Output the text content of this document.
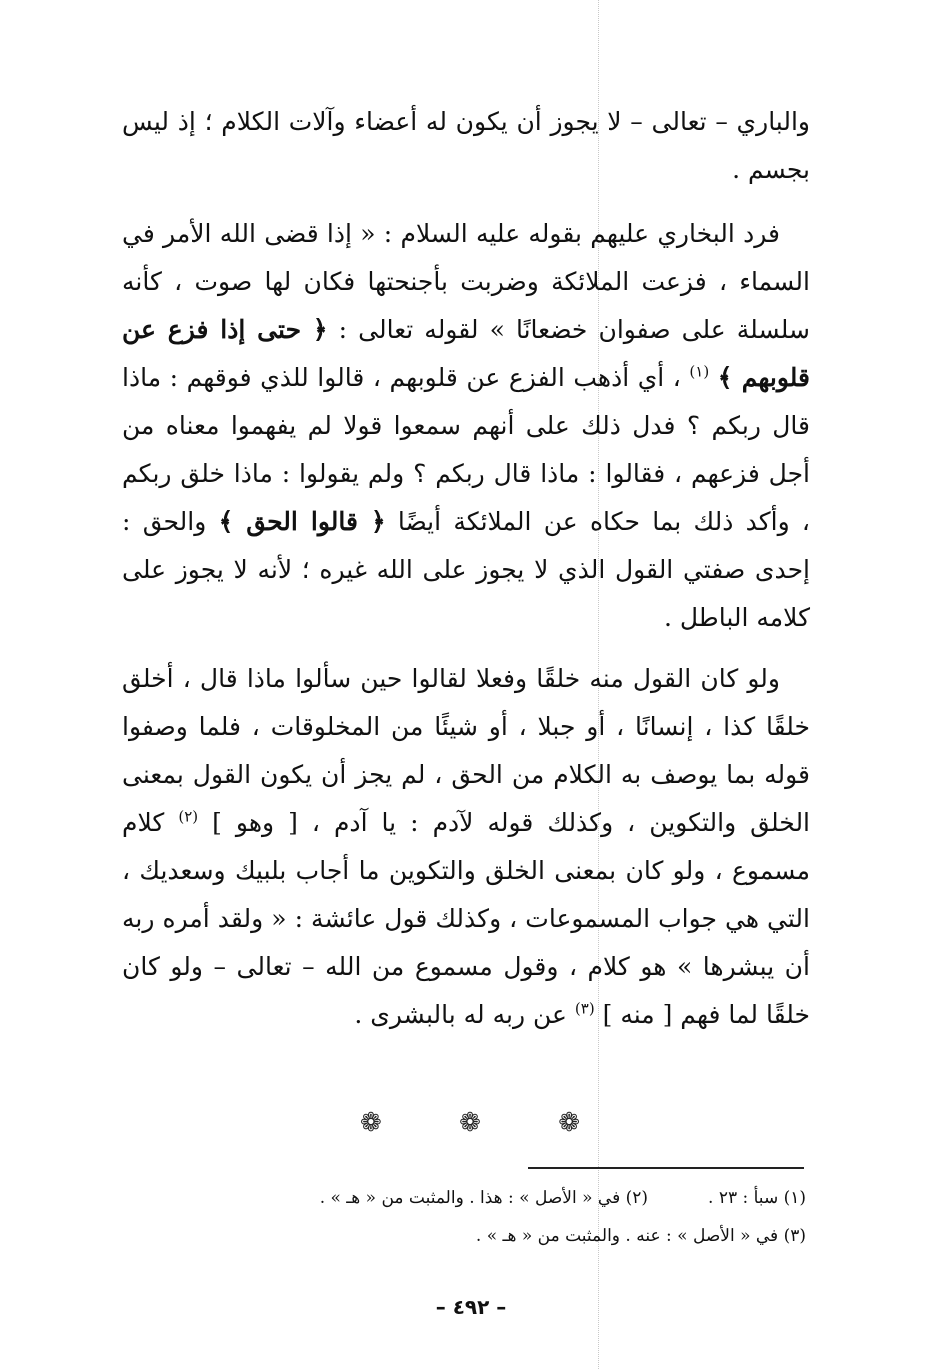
والباري – تعالى – لا يجوز أن يكون له أعضاء وآلات الكلام ؛ إذ ليس بجسم .

فرد البخاري عليهم بقوله عليه السلام : « إذا قضى الله الأمر في السماء ، فزعت الملائكة وضربت بأجنحتها فكان لها صوت ، كأنه سلسلة على صفوان خضعانًا » لقوله تعالى : ﴿ حتى إذا فزع عن قلوبهم ﴾ $^{(١)}$ ، أي أذهب الفزع عن قلوبهم ، قالوا للذي فوقهم : ماذا قال ربكم ؟ فدل ذلك على أنهم سمعوا قولا لم يفهموا معناه من أجل فزعهم ، فقالوا : ماذا قال ربكم ؟ ولم يقولوا : ماذا خلق ربكم ، وأكد ذلك بما حكاه عن الملائكة أيضًا ﴿ قالوا الحق ﴾ والحق : إحدى صفتي القول الذي لا يجوز على الله غيره ؛ لأنه لا يجوز على كلامه الباطل .

ولو كان القول منه خلقًا وفعلا لقالوا حين سألوا ماذا قال ، أخلق خلقًا كذا ، إنسانًا ، أو جبلا ، أو شيئًا من المخلوقات ، فلما وصفوا قوله بما يوصف به الكلام من الحق ، لم يجز أن يكون القول بمعنى الخلق والتكوين ، وكذلك قوله لآدم : يا آدم ، [ وهو ] $^{(٢)}$ كلام مسموع ، ولو كان بمعنى الخلق والتكوين ما أجاب بلبيك وسعديك ، التي هي جواب المسموعات ، وكذلك قول عائشة : « ولقد أمره ربه أن يبشرها » هو كلام ، وقول مسموع من الله – تعالى – ولو كان خلقًا لما فهم [ منه ] $^{(٣)}$ عن ربه له بالبشرى .

❁	❁	❁
(١) سبأ : ٢٣ .(٢) في « الأصل » : هذا . والمثبت من « هـ » .
(٣) في « الأصل » : عنه . والمثبت من « هـ » .
– ٤٩٢ –
